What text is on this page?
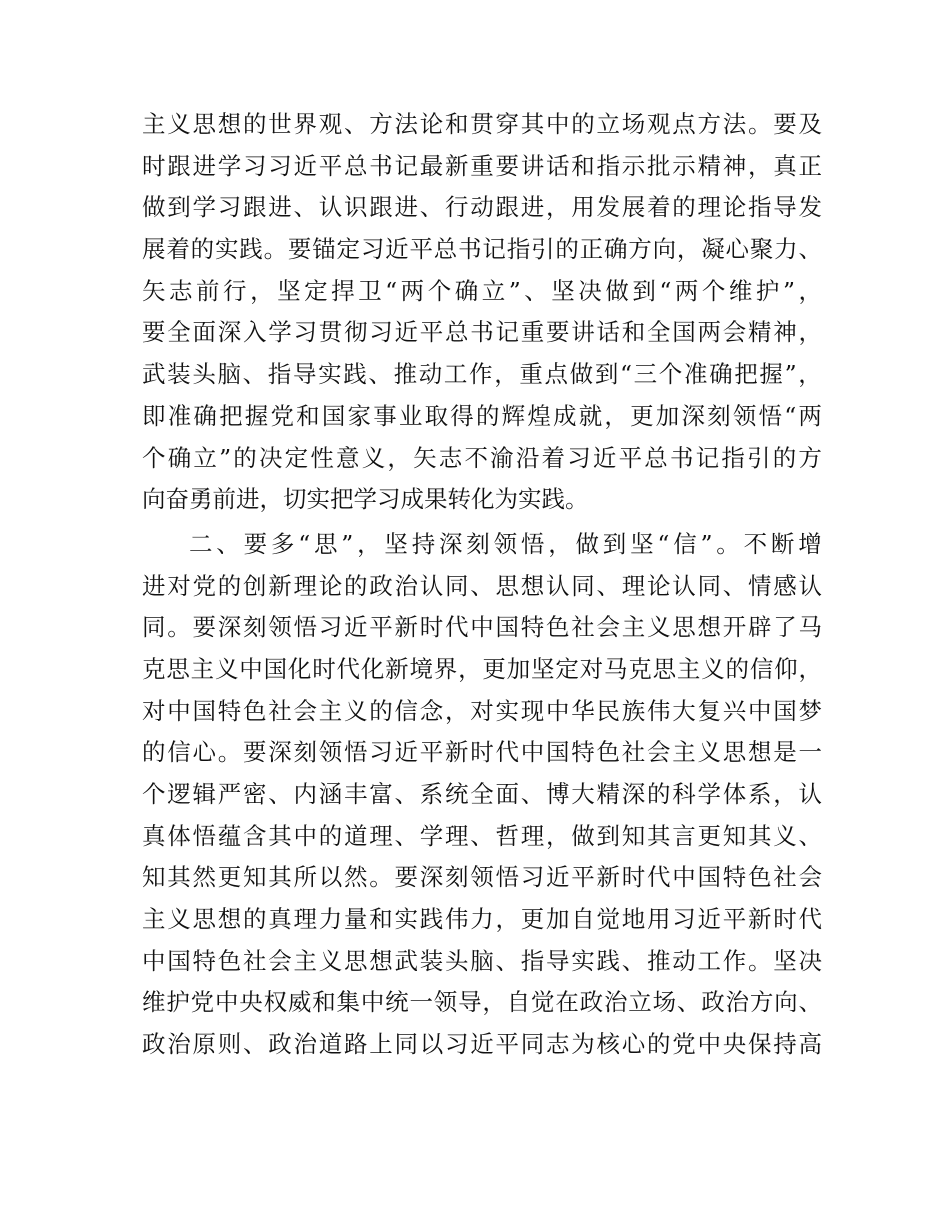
主 义 思 想 的 世 界 观 、 方 法 论 和 贯 穿 其 中 的 立 场 观 点 方 法 。 要 及
时 跟 进 学 习 习 近 平 总 书 记 最 新 重 要 讲 话 和 指 示 批 示 精 神 ， 真 正
做 到 学 习 跟 进 、 认 识 跟 进 、 行 动 跟 进 ， 用 发 展 着 的 理 论 指 导 发
展 着 的 实 践 。 要 锚 定 习 近 平 总 书 记 指 引 的 正 确 方 向 ， 凝 心 聚 力 、
矢 志 前 行 ， 坚 定 捍 卫 “ 两 个 确 立 ” 、 坚 决 做 到 “ 两 个 维 护 ” ，
要 全 面 深 入 学 习 贯 彻 习 近 平 总 书 记 重 要 讲 话 和 全 国 两 会 精 神 ，
武 装 头 脑 、 指 导 实 践 、 推 动 工 作 ， 重 点 做 到 “ 三 个 准 确 把 握 ” ，
即 准 确 把 握 党 和 国 家 事 业 取 得 的 辉 煌 成 就 ， 更 加 深 刻 领 悟 “ 两
个 确 立 ” 的 决 定 性 意 义 ， 矢 志 不 渝 沿 着 习 近 平 总 书 记 指 引 的 方
向奋勇前进，切实把学习成果转化为实践。
二 、 要 多 “ 思 ” ， 坚 持 深 刻 领 悟 ， 做 到 坚 “ 信 ” 。 不 断 增
进 对 党 的 创 新 理 论 的 政 治 认 同 、 思 想 认 同 、 理 论 认 同 、 情 感 认
同 。 要 深 刻 领 悟 习 近 平 新 时 代 中 国 特 色 社 会 主 义 思 想 开 辟 了 马
克 思 主 义 中 国 化 时 代 化 新 境 界 ， 更 加 坚 定 对 马 克 思 主 义 的 信 仰 ，
对 中 国 特 色 社 会 主 义 的 信 念 ， 对 实 现 中 华 民 族 伟 大 复 兴 中 国 梦
的 信 心 。 要 深 刻 领 悟 习 近 平 新 时 代 中 国 特 色 社 会 主 义 思 想 是 一
个 逻 辑 严 密 、 内 涵 丰 富 、 系 统 全 面 、 博 大 精 深 的 科 学 体 系 ， 认
真 体 悟 蕴 含 其 中 的 道 理 、 学 理 、 哲 理 ， 做 到 知 其 言 更 知 其 义 、
知 其 然 更 知 其 所 以 然 。 要 深 刻 领 悟 习 近 平 新 时 代 中 国 特 色 社 会
主 义 思 想 的 真 理 力 量 和 实 践 伟 力 ， 更 加 自 觉 地 用 习 近 平 新 时 代
中 国 特 色 社 会 主 义 思 想 武 装 头 脑 、 指 导 实 践 、 推 动 工 作 。 坚 决
维 护 党 中 央 权 威 和 集 中 统 一 领 导 ， 自 觉 在 政 治 立 场 、 政 治 方 向 、
政 治 原 则 、 政 治 道 路 上 同 以 习 近 平 同 志 为 核 心 的 党 中 央 保 持 高
